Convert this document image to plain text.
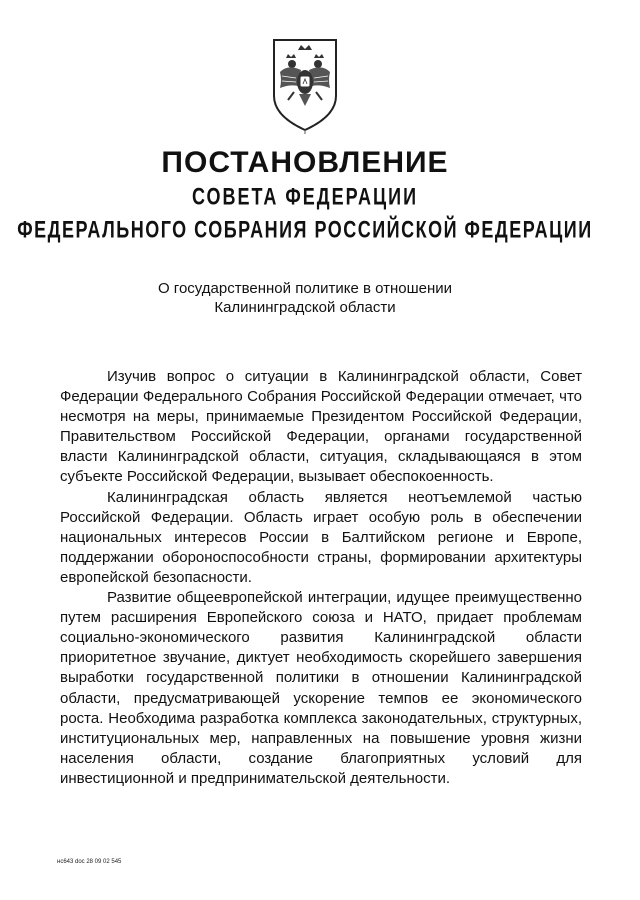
ПОСТАНОВЛЕНИЕ
СОВЕТА ФЕДЕРАЦИИ
ФЕДЕРАЛЬНОГО СОБРАНИЯ РОССИЙСКОЙ ФЕДЕРАЦИИ
О государственной политике в отношении
Калининградской области

Изучив вопрос о ситуации в Калининградской области, Совет Федерации Федерального Собрания Российской Федерации отмечает, что несмотря на меры, принимаемые Президентом Российской Федерации, Правительством Российской Федерации, органами государственной власти Калининградской области, ситуация, складывающаяся в этом субъекте Российской Федерации, вызывает обеспокоенность.

Калининградская область является неотъемлемой частью Российской Федерации. Область играет особую роль в обеспечении национальных интересов России в Балтийском регионе и Европе, поддержании обороноспособности страны, формировании архитектуры европейской безопасности.

Развитие общеевропейской интеграции, идущее преимущественно путем расширения Европейского союза и НАТО, придает проблемам социально-экономического развития Калининградской области приоритетное звучание, диктует необходимость скорейшего завершения выработки государственной политики в отношении Калининградской области, предусматривающей ускорение темпов ее экономического роста. Необходима разработка комплекса законодательных, структурных, институциональных мер, направленных на повышение уровня жизни населения области, создание благоприятных условий для инвестиционной и предпринимательской деятельности.

нс643 doc 28 09 02 545
